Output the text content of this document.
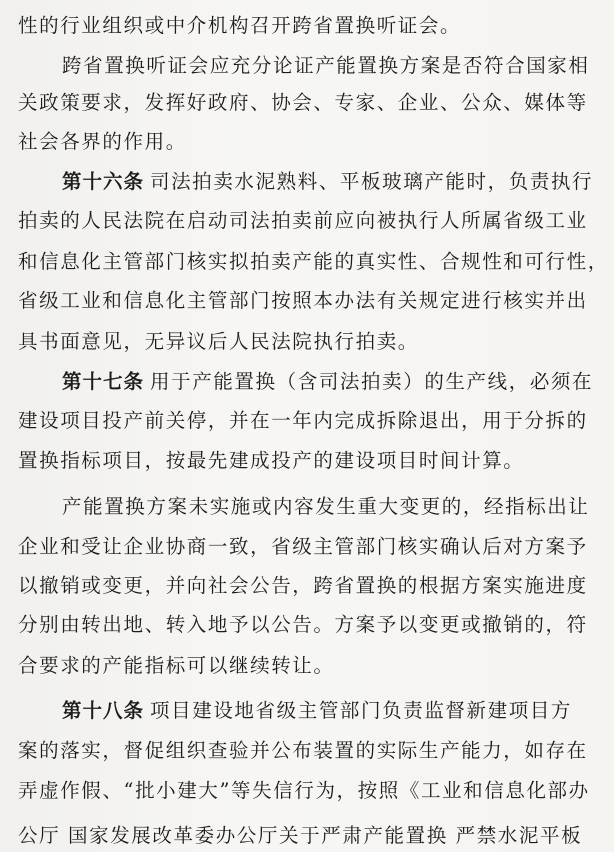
性的行业组织或中介机构召开跨省置换听证会。
跨省置换听证会应充分论证产能置换方案是否符合国家相
关政策要求，发挥好政府、协会、专家、企业、公众、媒体等
社会各界的作用。
第十六条 司法拍卖水泥熟料、平板玻璃产能时，负责执行
拍卖的人民法院在启动司法拍卖前应向被执行人所属省级工业
和信息化主管部门核实拟拍卖产能的真实性、合规性和可行性，
省级工业和信息化主管部门按照本办法有关规定进行核实并出
具书面意见，无异议后人民法院执行拍卖。
第十七条 用于产能置换（含司法拍卖）的生产线，必须在
建设项目投产前关停，并在一年内完成拆除退出，用于分拆的
置换指标项目，按最先建成投产的建设项目时间计算。
产能置换方案未实施或内容发生重大变更的，经指标出让
企业和受让企业协商一致，省级主管部门核实确认后对方案予
以撤销或变更，并向社会公告，跨省置换的根据方案实施进度
分别由转出地、转入地予以公告。方案予以变更或撤销的，符
合要求的产能指标可以继续转让。
第十八条 项目建设地省级主管部门负责监督新建项目方
案的落实，督促组织查验并公布装置的实际生产能力，如存在
弄虚作假、“批小建大”等失信行为，按照《工业和信息化部办
公厅 国家发展改革委办公厅关于严肃产能置换 严禁水泥平板
